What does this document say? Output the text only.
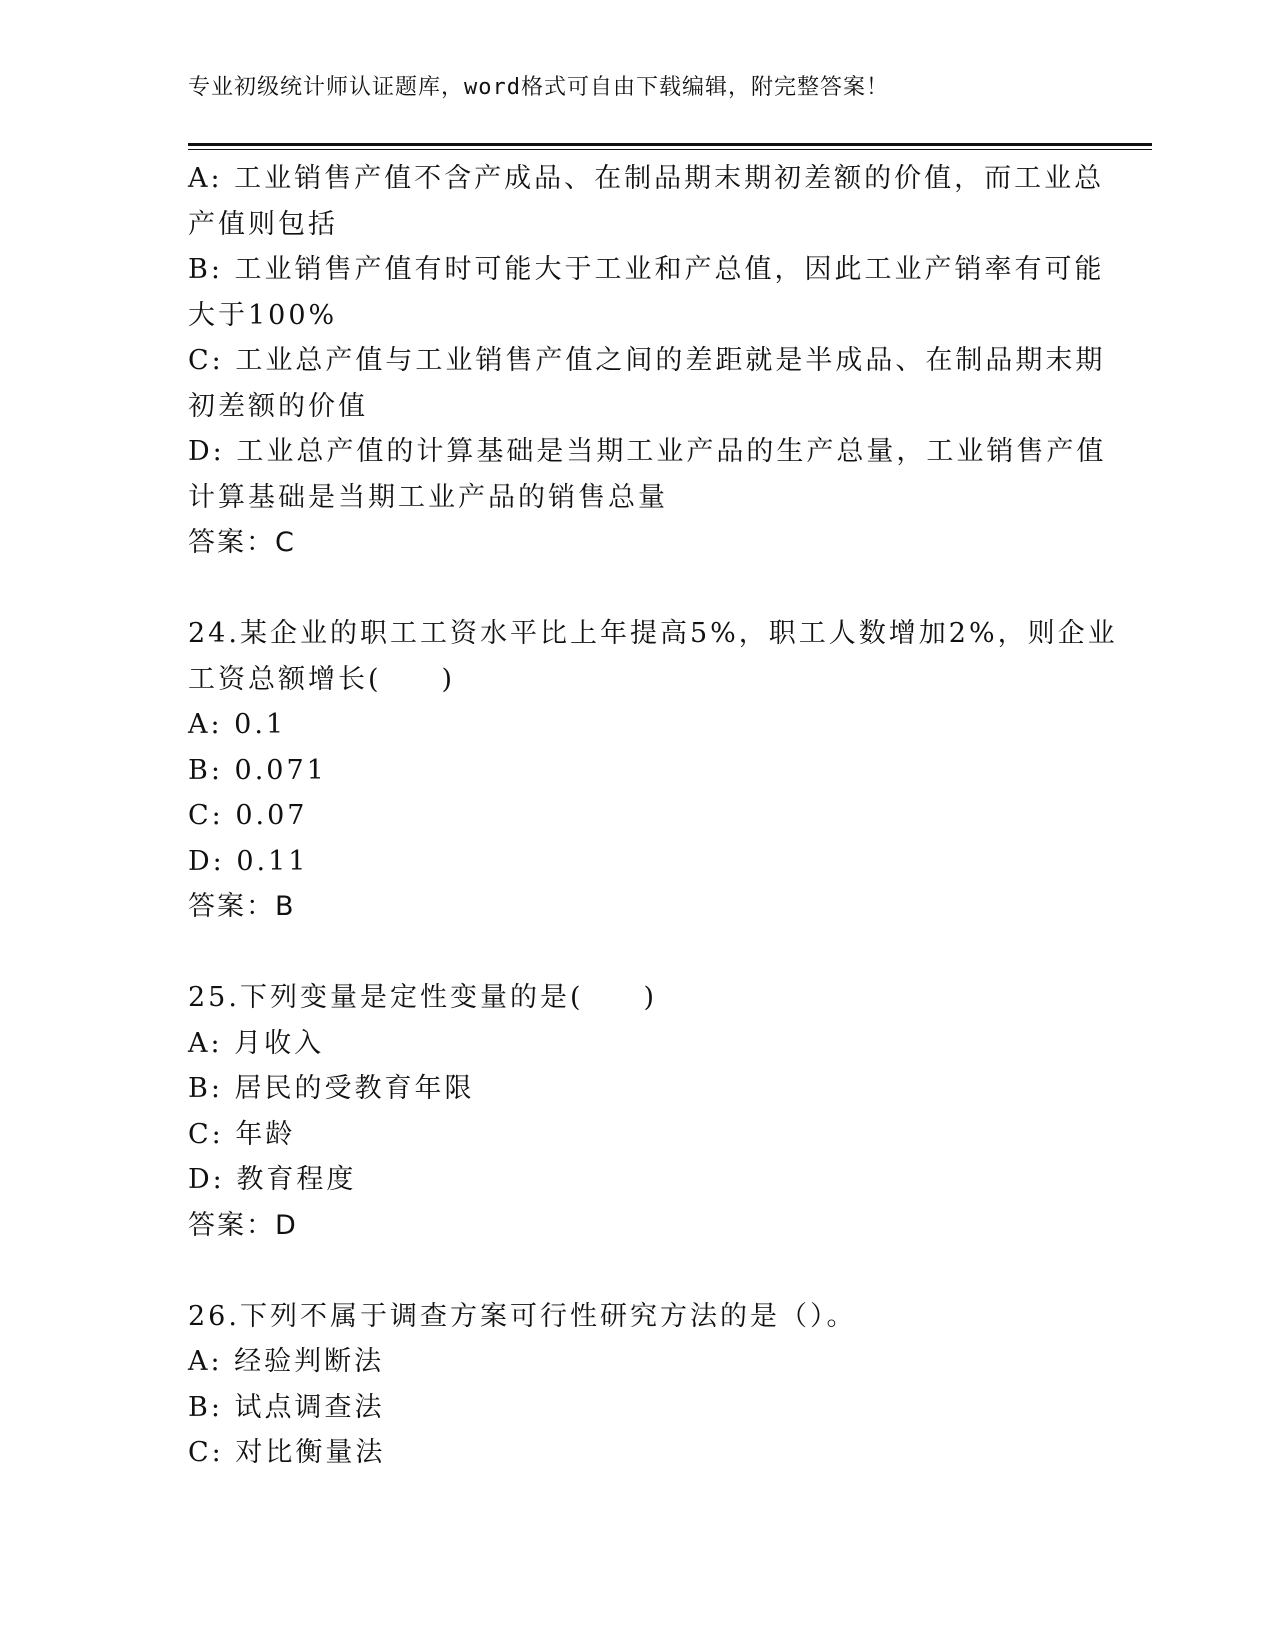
专业初级统计师认证题库，word格式可自由下载编辑，附完整答案！
A: 工业销售产值不含产成品、在制品期末期初差额的价值，而工业总
产值则包括
B: 工业销售产值有时可能大于工业和产总值，因此工业产销率有可能
大于100%
C: 工业总产值与工业销售产值之间的差距就是半成品、在制品期末期
初差额的价值
D: 工业总产值的计算基础是当期工业产品的生产总量，工业销售产值
计算基础是当期工业产品的销售总量
答案：C
24.某企业的职工工资水平比上年提高5%，职工人数增加2%，则企业
工资总额增长(　　)
A: 0.1
B: 0.071
C: 0.07
D: 0.11
答案：B
25.下列变量是定性变量的是(　　)
A: 月收入
B: 居民的受教育年限
C: 年龄
D: 教育程度
答案：D
26.下列不属于调查方案可行性研究方法的是（）。
A: 经验判断法
B: 试点调查法
C: 对比衡量法
